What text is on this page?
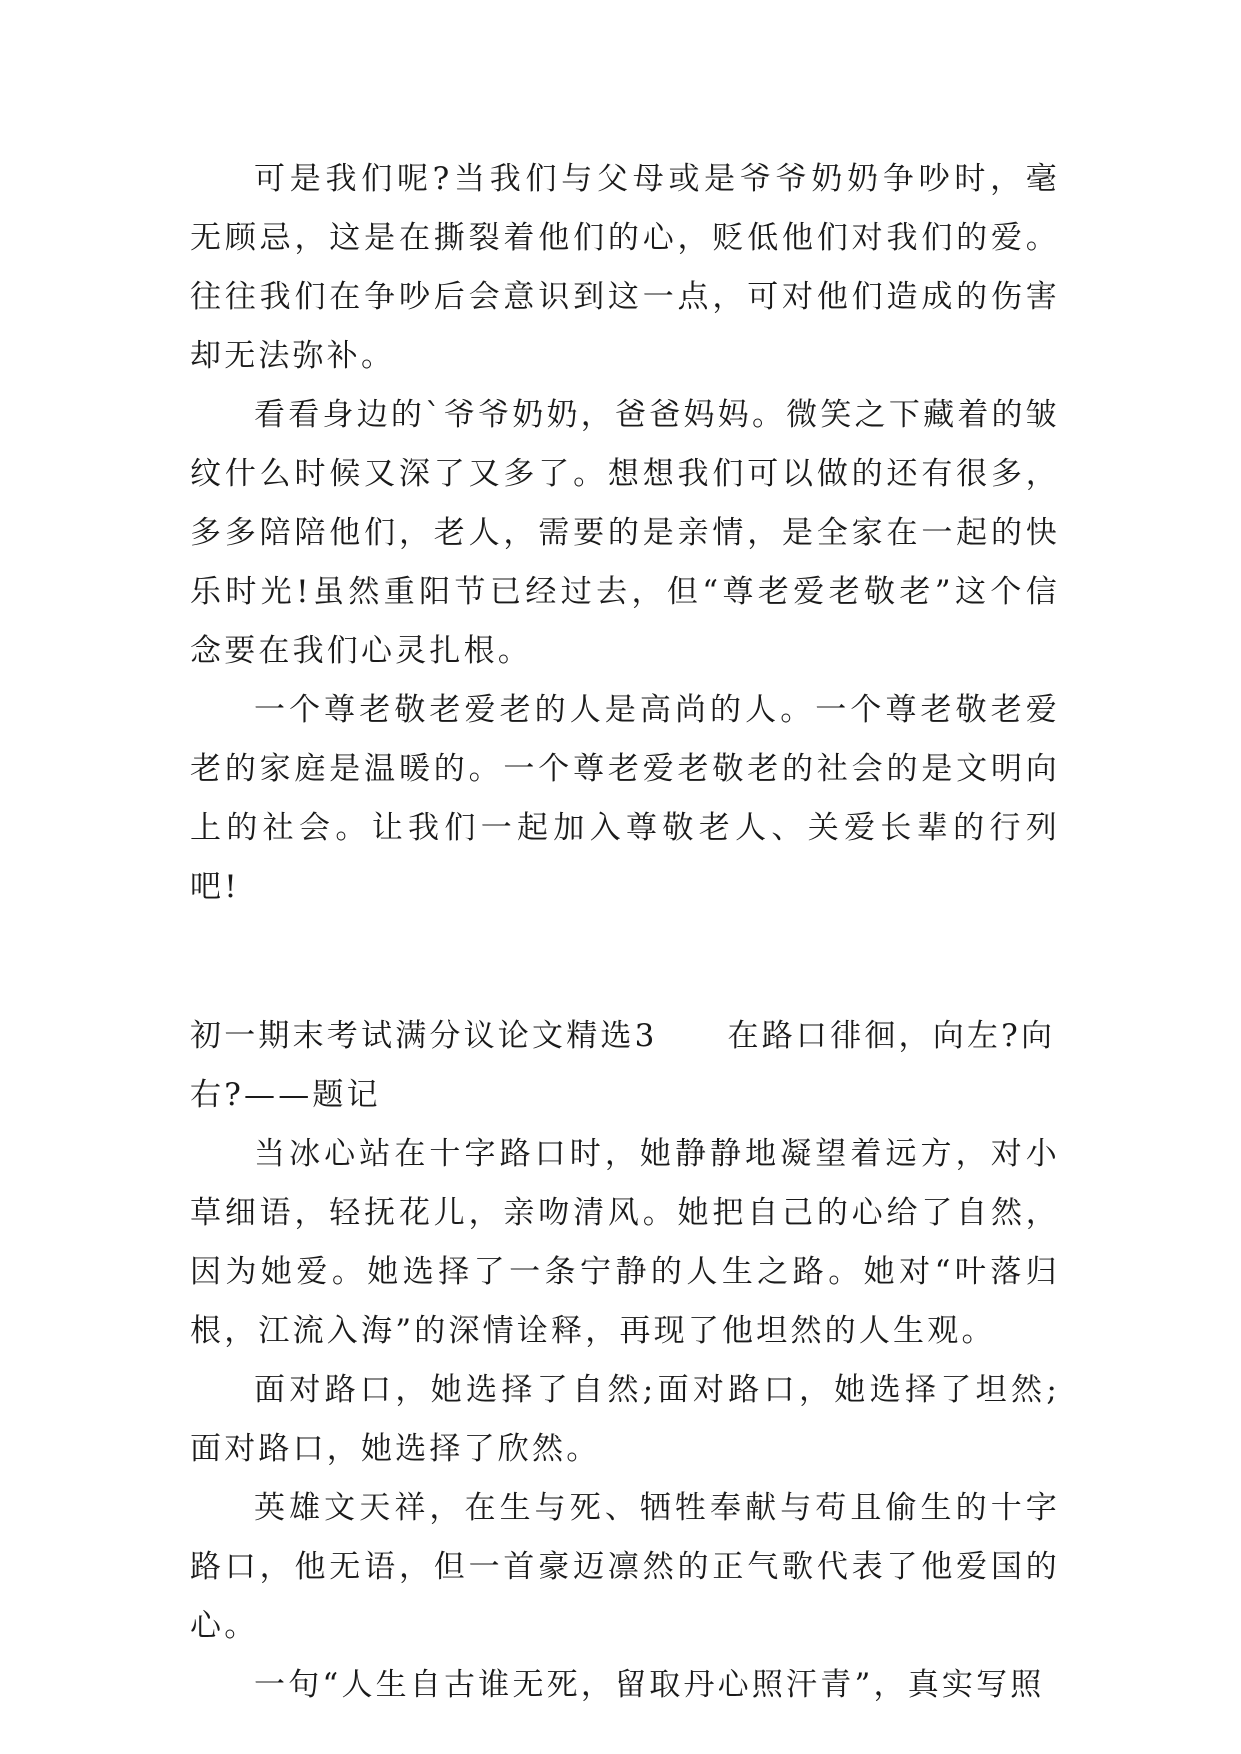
可是我们呢?当我们与父母或是爷爷奶奶争吵时，毫无顾忌，这是在撕裂着他们的心，贬低他们对我们的爱。往往我们在争吵后会意识到这一点，可对他们造成的伤害却无法弥补。

看看身边的`爷爷奶奶，爸爸妈妈。微笑之下藏着的皱纹什么时候又深了又多了。想想我们可以做的还有很多，多多陪陪他们，老人，需要的是亲情，是全家在一起的快乐时光!虽然重阳节已经过去，但“尊老爱老敬老”这个信念要在我们心灵扎根。

一个尊老敬老爱老的人是高尚的人。一个尊老敬老爱老的家庭是温暖的。一个尊老爱老敬老的社会的是文明向上的社会。让我们一起加入尊敬老人、关爱长辈的行列吧!

初一期末考试满分议论文精选3 在路口徘徊，向左?向右?——题记

当冰心站在十字路口时，她静静地凝望着远方，对小草细语，轻抚花儿，亲吻清风。她把自己的心给了自然，因为她爱。她选择了一条宁静的人生之路。她对“叶落归根，江流入海”的深情诠释，再现了他坦然的人生观。

面对路口，她选择了自然;面对路口，她选择了坦然;面对路口，她选择了欣然。

英雄文天祥，在生与死、牺牲奉献与苟且偷生的十字路口，他无语，但一首豪迈凛然的正气歌代表了他爱国的心。

一句“人生自古谁无死，留取丹心照汗青”，真实写照
